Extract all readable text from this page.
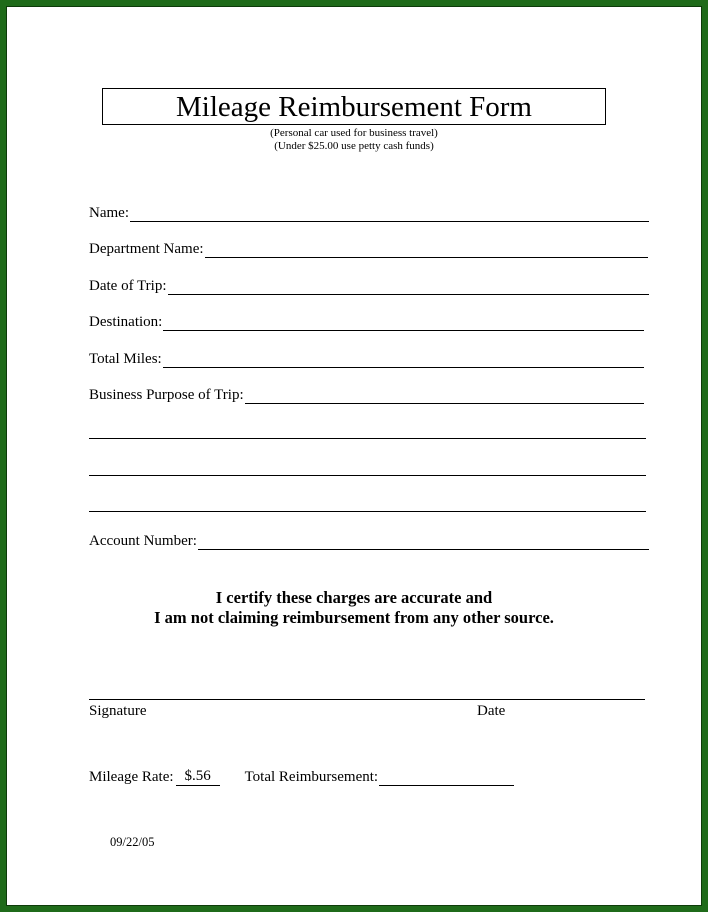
Mileage Reimbursement Form
(Personal car used for business travel)
(Under $25.00 use petty cash funds)
Name:
Department Name:
Date of Trip:
Destination:
Total Miles:
Business Purpose of Trip:
Account Number:
I certify these charges are accurate and
I am not claiming reimbursement from any other source.
Signature	Date
Mileage Rate: $.56	Total Reimbursement:
09/22/05
